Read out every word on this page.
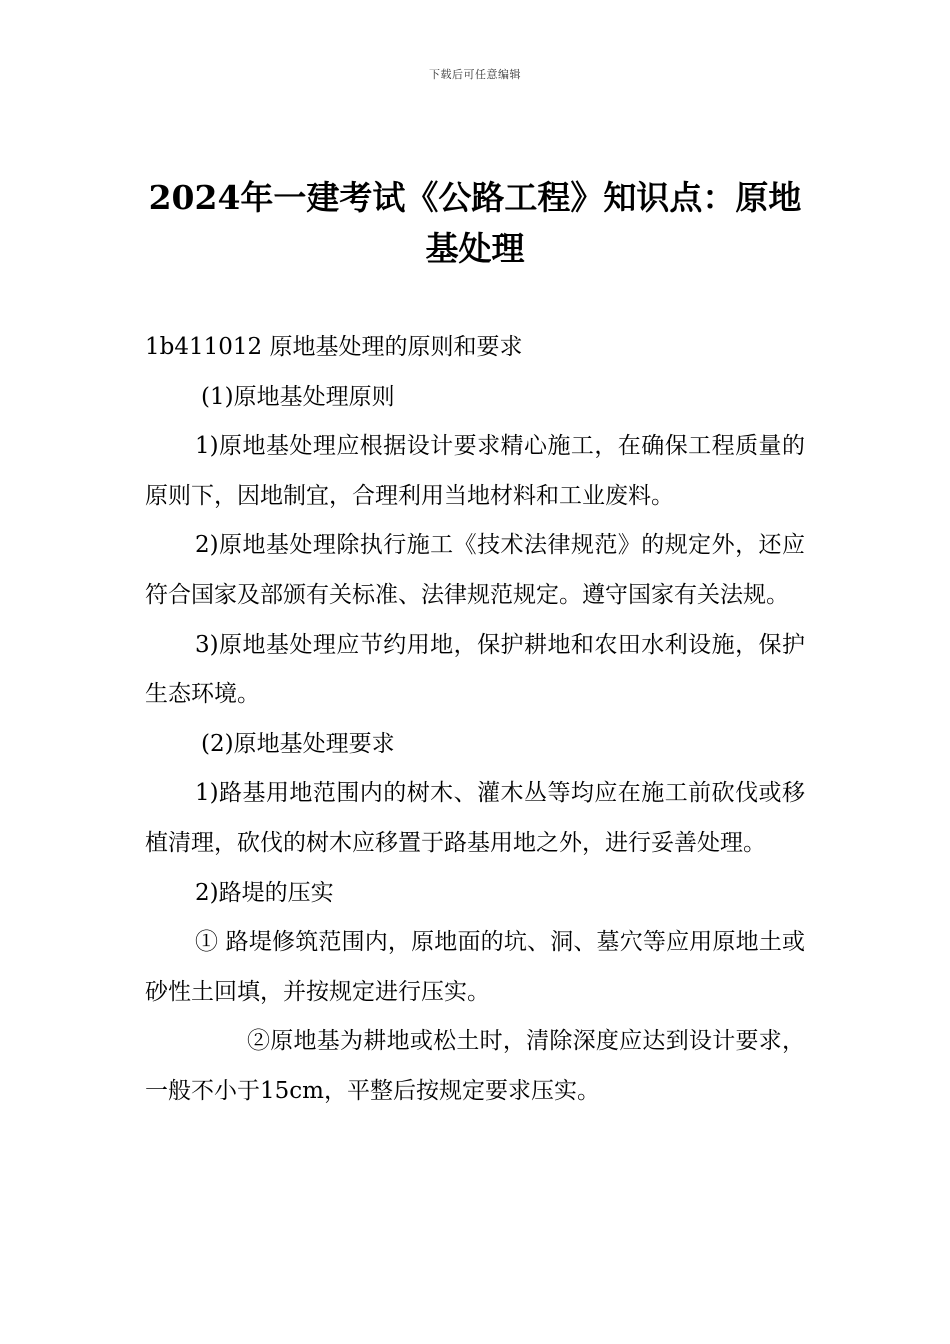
下载后可任意编辑
2024年一建考试《公路工程》知识点：原地基处理

1b411012 原地基处理的原则和要求

(1)原地基处理原则

1)原地基处理应根据设计要求精心施工，在确保工程质量的原则下，因地制宜，合理利用当地材料和工业废料。

2)原地基处理除执行施工《技术法律规范》的规定外，还应符合国家及部颁有关标准、法律规范规定。遵守国家有关法规。

3)原地基处理应节约用地，保护耕地和农田水利设施，保护生态环境。

(2)原地基处理要求

1)路基用地范围内的树木、灌木丛等均应在施工前砍伐或移植清理，砍伐的树木应移置于路基用地之外，进行妥善处理。

2)路堤的压实

① 路堤修筑范围内，原地面的坑、洞、墓穴等应用原地土或砂性土回填，并按规定进行压实。

②原地基为耕地或松土时，清除深度应达到设计要求，一般不小于15cm，平整后按规定要求压实。
